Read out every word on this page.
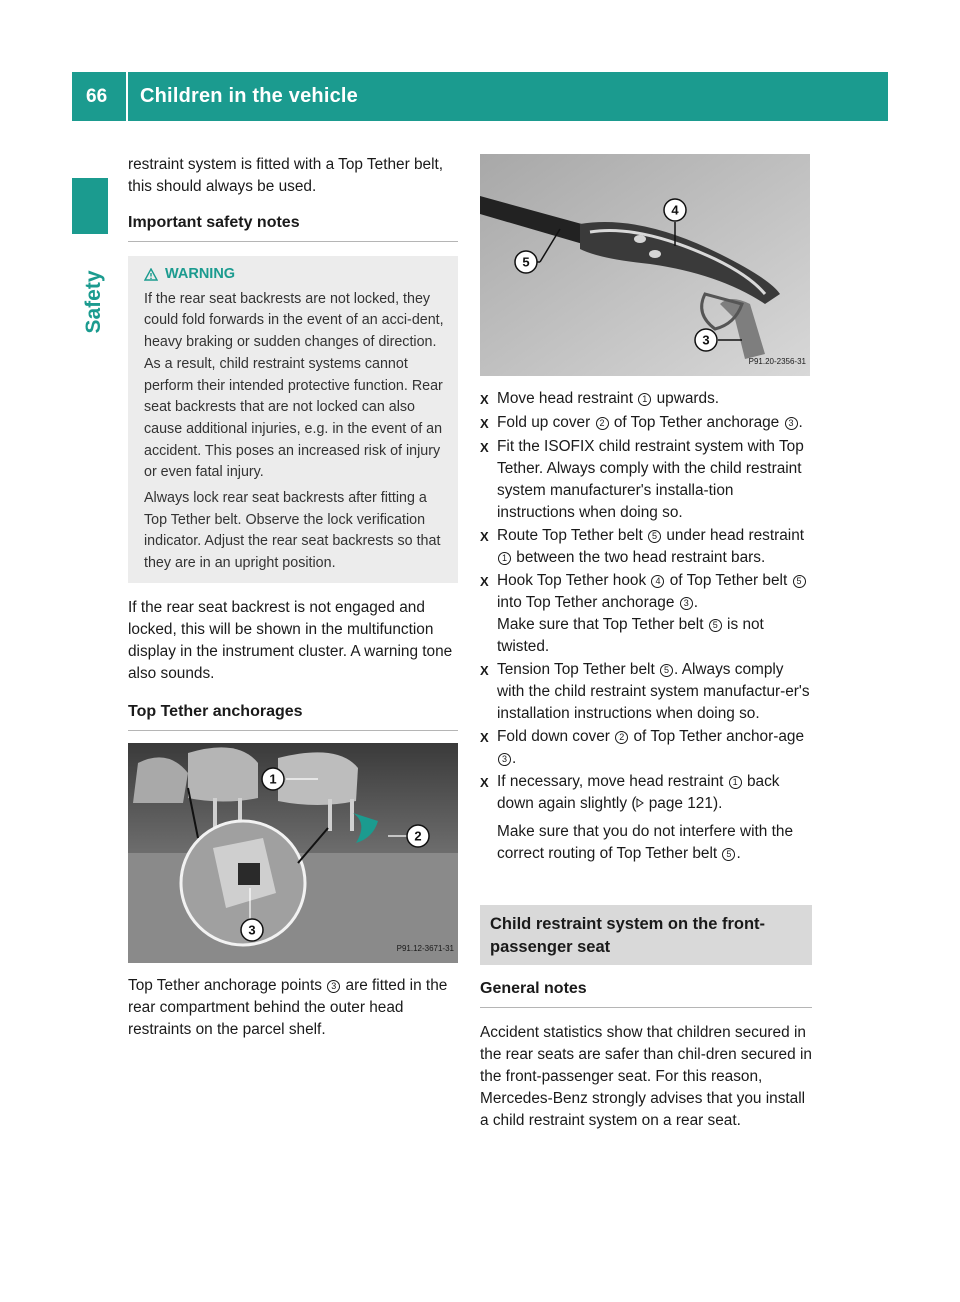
66	Children in the vehicle
Safety
restraint system is fitted with a Top Tether belt, this should always be used.
Important safety notes
WARNING
If the rear seat backrests are not locked, they could fold forwards in the event of an acci-dent, heavy braking or sudden changes of direction. As a result, child restraint systems cannot perform their intended protective function. Rear seat backrests that are not locked can also cause additional injuries, e.g. in the event of an accident. This poses an increased risk of injury or even fatal injury.
Always lock rear seat backrests after fitting a Top Tether belt. Observe the lock verification indicator. Adjust the rear seat backrests so that they are in an upright position.
If the rear seat backrest is not engaged and locked, this will be shown in the multifunction display in the instrument cluster. A warning tone also sounds.
Top Tether anchorages
1
2
3
P91.12-3671-31
Top Tether anchorage points 3 are fitted in the rear compartment behind the outer head restraints on the parcel shelf.
4
5
3
P91.20-2356-31
X Move head restraint 1 upwards.
X Fold up cover 2 of Top Tether anchorage 3 .
X Fit the ISOFIX child restraint system with Top Tether. Always comply with the child restraint system manufacturer's installa-tion instructions when doing so.
X Route Top Tether belt 5 under head restraint 1 between the two head restraint bars.
X Hook Top Tether hook 4 of Top Tether belt 5 into Top Tether anchorage 3 .
Make sure that Top Tether belt 5 is not twisted.
X Tension Top Tether belt 5 . Always comply with the child restraint system manufactur-er's installation instructions when doing so.
X Fold down cover 2 of Top Tether anchor-age 3 .
X If necessary, move head restraint 1 back down again slightly ( page 121).
Make sure that you do not interfere with the correct routing of Top Tether belt 5 .
Child restraint system on the front-passenger seat
General notes
Accident statistics show that children secured in the rear seats are safer than chil-dren secured in the front-passenger seat. For this reason, Mercedes-Benz strongly advises that you install a child restraint system on a rear seat.
